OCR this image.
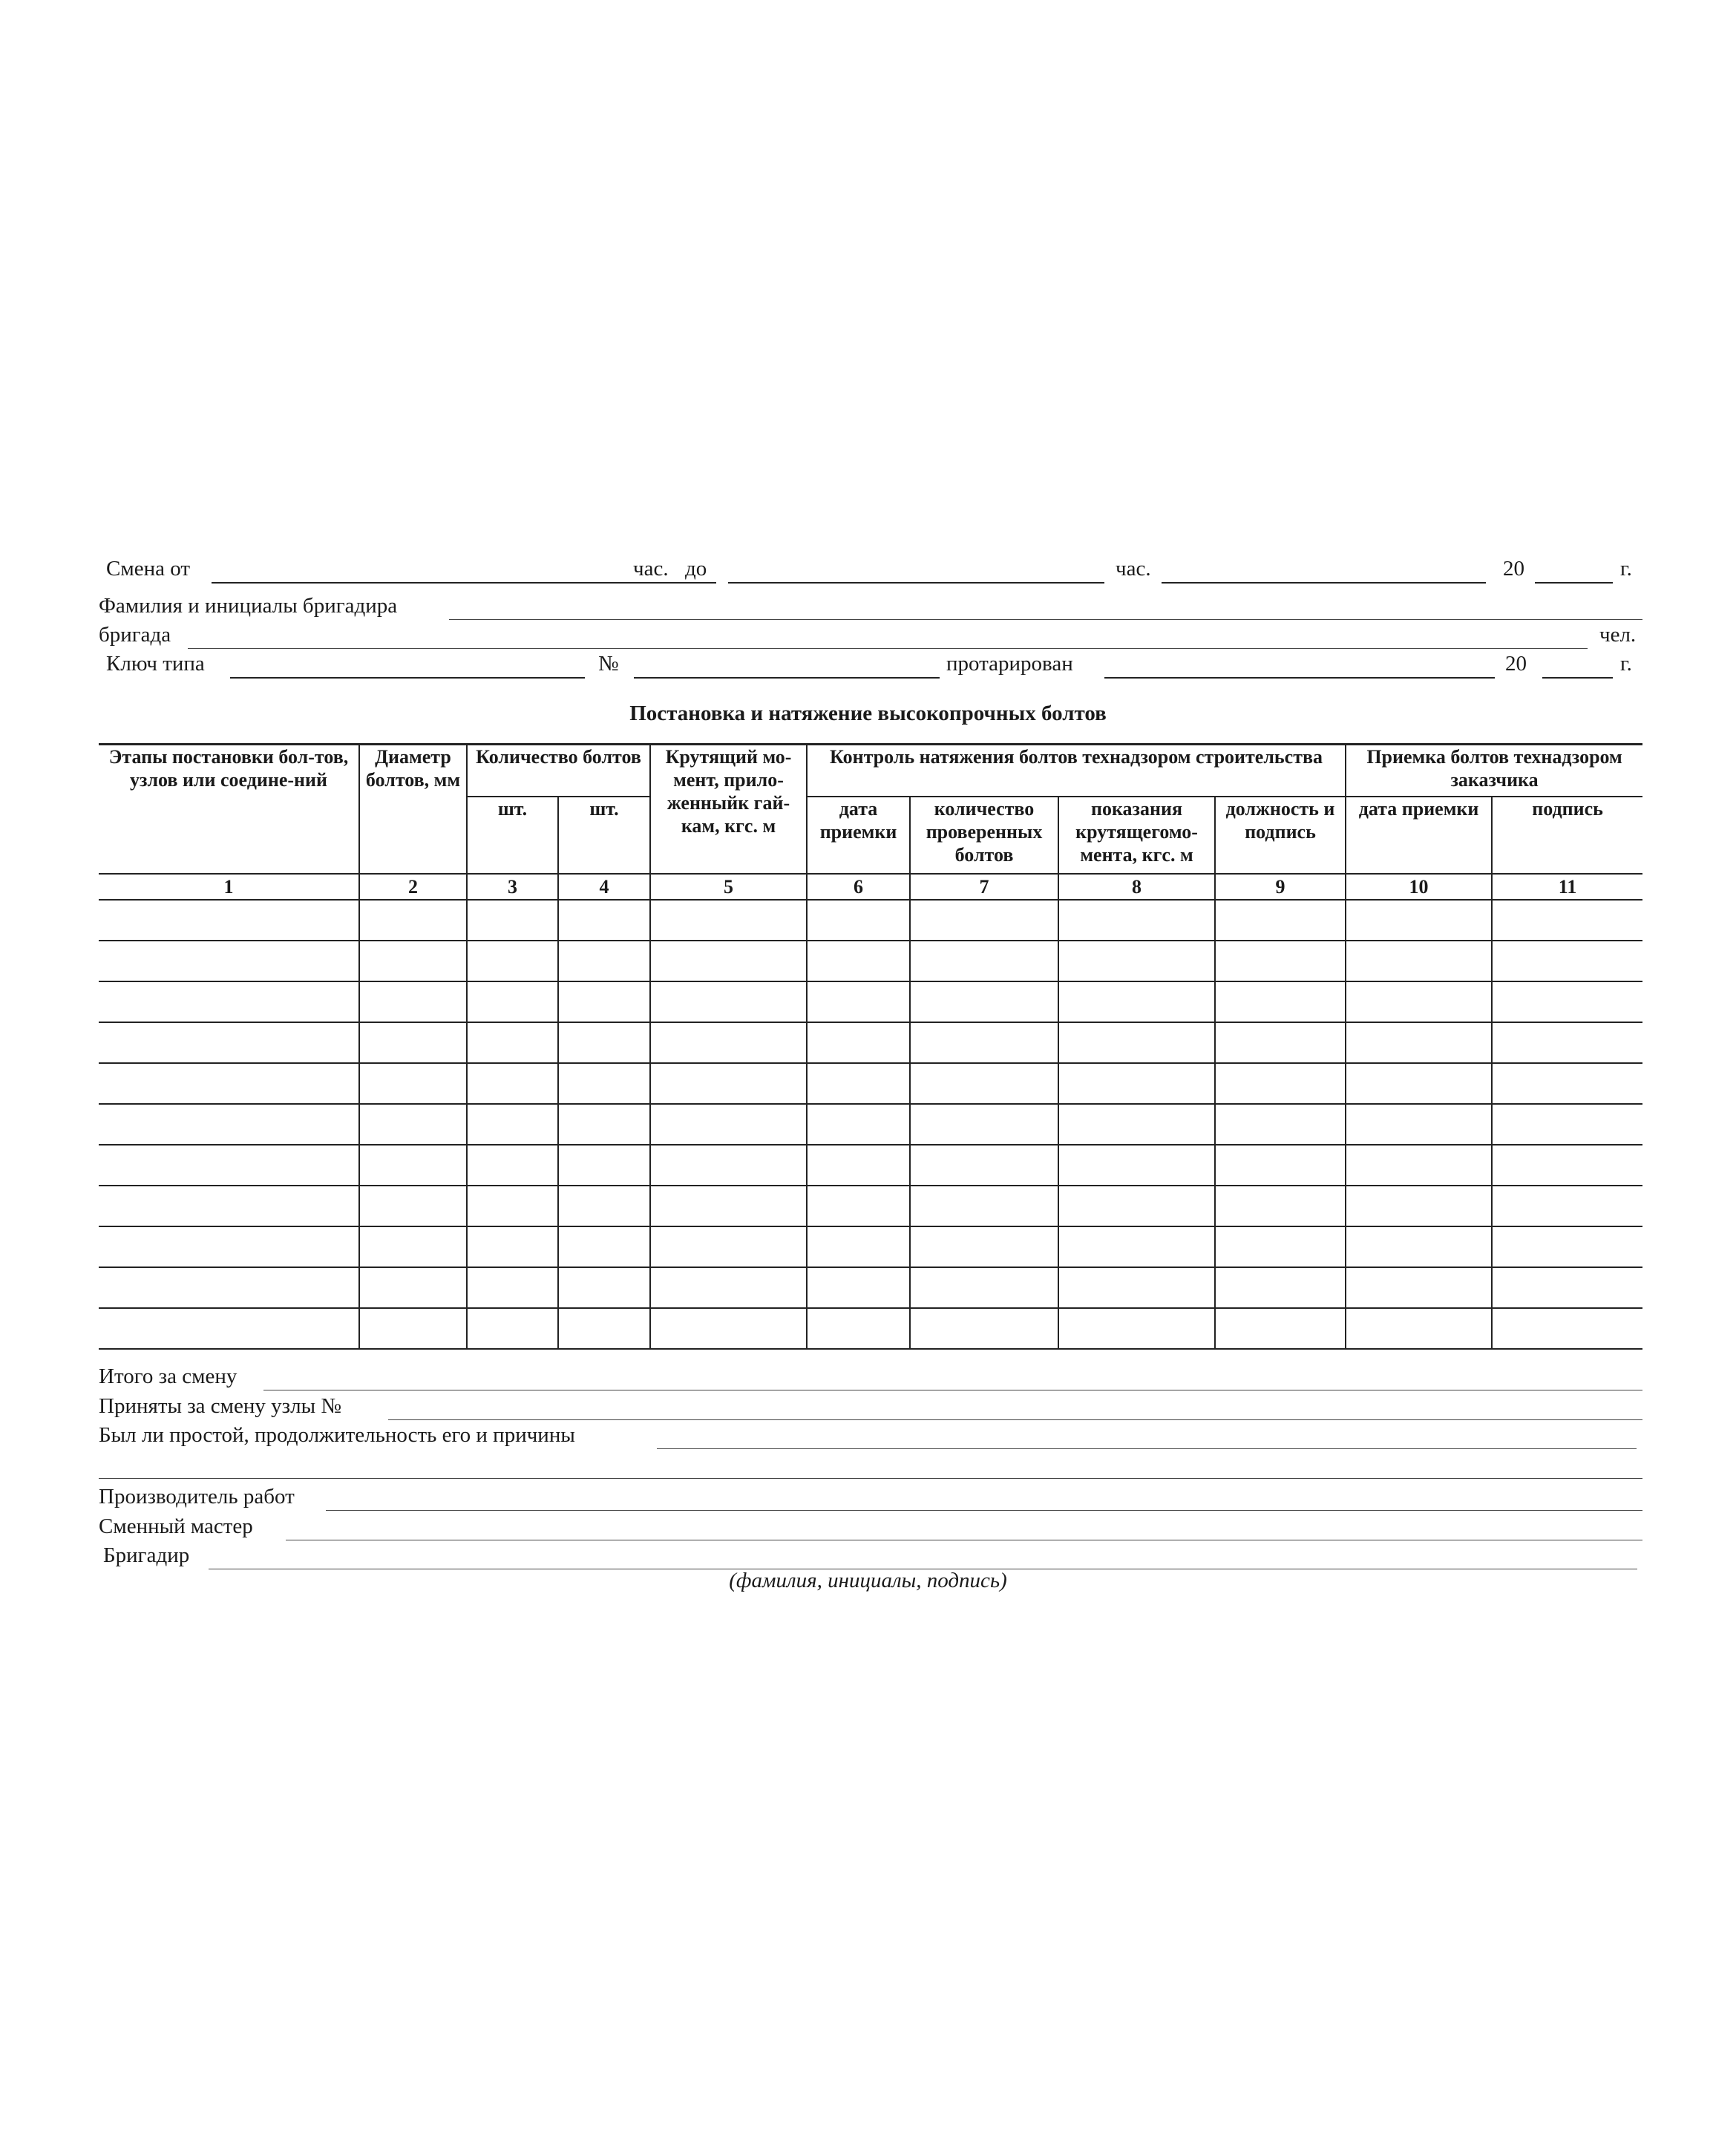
Смена от	час. до	час.	20	г.
Фамилия и инициалы бригадира
бригада	чел.
Ключ типа	№	протарирован	20	г.
Постановка и натяжение высокопрочных болтов
Этапы постановки бол-тов, узлов или соедине-ний	Диаметр болтов, мм	Количество болтов		Крутящий мо-мент, прило-женныйк гай-кам, кгс. м	Контроль натяжения болтов технадзором строительства				Приемка болтов технадзором заказчика	
		шт.	шт.		дата приемки	количество проверенных болтов	показания крутящегомо-мента, кгс. м	должность и подпись	дата приемки	подпись
1	2	3	4	5	6	7	8	9	10	11

Итого за смену
Приняты за смену узлы №
Был ли простой, продолжительность его и причины
Производитель работ
Сменный мастер
Бригадир
(фамилия, инициалы, подпись)
